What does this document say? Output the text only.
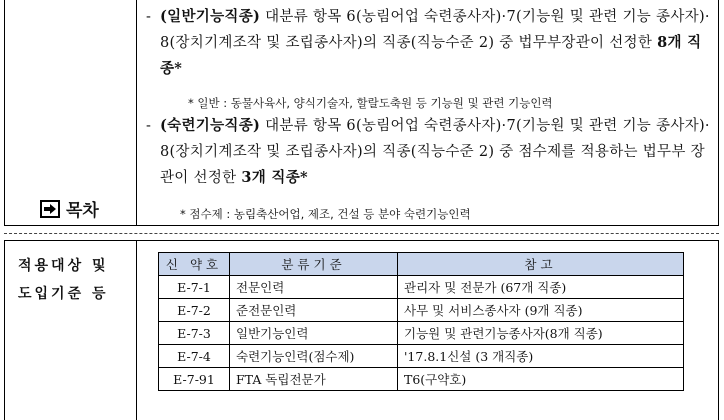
- (일반기능직종) 대분류 항목 6(농림어업 숙련종사자)·7(기능원 및 관련 기능 종사자)· 8(장치기계조작 및 조립종사자)의 직종(직능수준 2) 중 법무부장관이 선정한 8개 직종*
* 일반 : 동물사육사, 양식기술자, 할랄도축원 등 기능원 및 관련 기능인력
- (숙련기능직종) 대분류 항목 6(농림어업 숙련종사자)·7(기능원 및 관련 기능 종사자)· 8(장치기계조작 및 조립종사자)의 직종(직능수준 2) 중 점수제를 적용하는 법무부 장관이 선정한 3개 직종*
* 점수제 : 농림축산어업, 제조, 건설 등 분야 숙련기능인력
목차
적용대상 및
도입기준 등
신 약호	분류기준	참고
E-7-1	전문인력	관리자 및 전문가 (67개 직종)
E-7-2	준전문인력	사무 및 서비스종사자 (9개 직종)
E-7-3	일반기능인력	기능원 및 관련기능종사자(8개 직종)
E-7-4	숙련기능인력(점수제)	'17.8.1신설 (3 개직종)
E-7-91	FTA 독립전문가	T6(구약호)
